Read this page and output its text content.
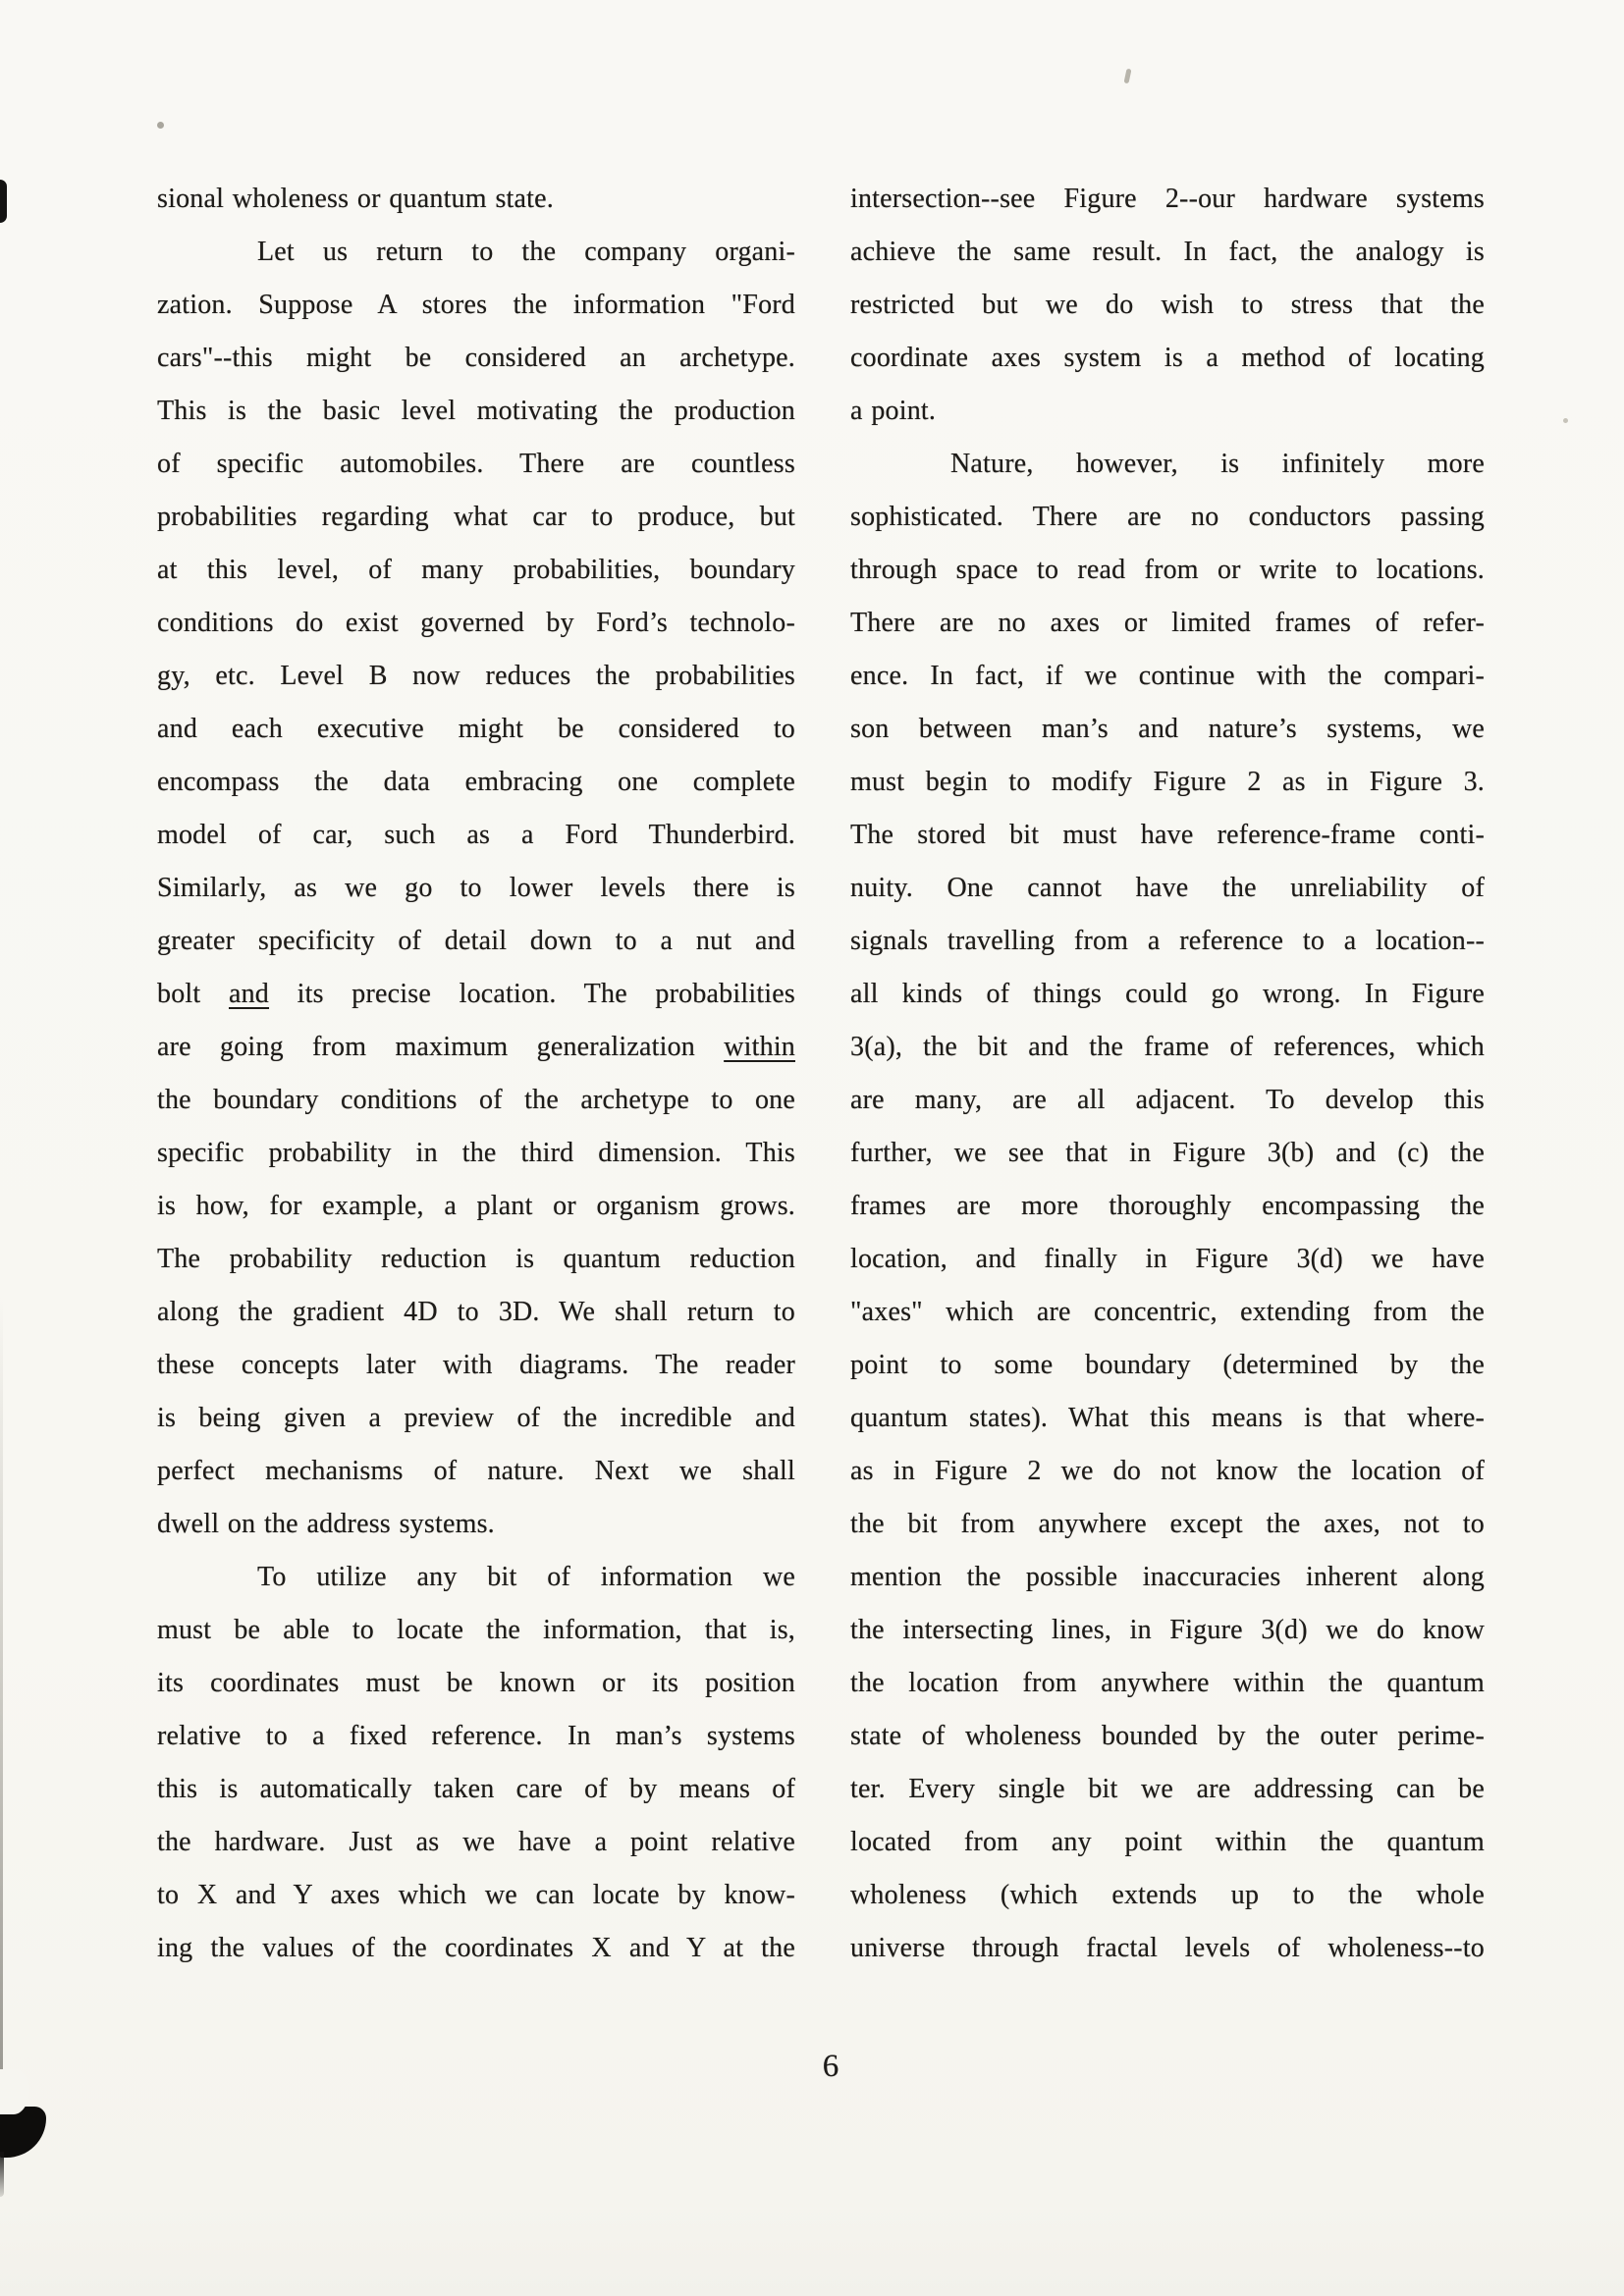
sional wholeness or quantum state.
Let us return to the company organi-
zation. Suppose A stores the information "Ford
cars"--this might be considered an archetype.
This is the basic level motivating the production
of specific automobiles. There are countless
probabilities regarding what car to produce, but
at this level, of many probabilities, boundary
conditions do exist governed by Ford’s technolo-
gy, etc. Level B now reduces the probabilities
and each executive might be considered to
encompass the data embracing one complete
model of car, such as a Ford Thunderbird.
Similarly, as we go to lower levels there is
greater specificity of detail down to a nut and
bolt and its precise location. The probabilities
are going from maximum generalization within
the boundary conditions of the archetype to one
specific probability in the third dimension. This
is how, for example, a plant or organism grows.
The probability reduction is quantum reduction
along the gradient 4D to 3D. We shall return to
these concepts later with diagrams. The reader
is being given a preview of the incredible and
perfect mechanisms of nature. Next we shall
dwell on the address systems.
To utilize any bit of information we
must be able to locate the information, that is,
its coordinates must be known or its position
relative to a fixed reference. In man’s systems
this is automatically taken care of by means of
the hardware. Just as we have a point relative
to X and Y axes which we can locate by know-
ing the values of the coordinates X and Y at the
intersection--see Figure 2--our hardware systems
achieve the same result. In fact, the analogy is
restricted but we do wish to stress that the
coordinate axes system is a method of locating
a point.
Nature, however, is infinitely more
sophisticated. There are no conductors passing
through space to read from or write to locations.
There are no axes or limited frames of refer-
ence. In fact, if we continue with the compari-
son between man’s and nature’s systems, we
must begin to modify Figure 2 as in Figure 3.
The stored bit must have reference-frame conti-
nuity. One cannot have the unreliability of
signals travelling from a reference to a location--
all kinds of things could go wrong. In Figure
3(a), the bit and the frame of references, which
are many, are all adjacent. To develop this
further, we see that in Figure 3(b) and (c) the
frames are more thoroughly encompassing the
location, and finally in Figure 3(d) we have
"axes" which are concentric, extending from the
point to some boundary (determined by the
quantum states). What this means is that where-
as in Figure 2 we do not know the location of
the bit from anywhere except the axes, not to
mention the possible inaccuracies inherent along
the intersecting lines, in Figure 3(d) we do know
the location from anywhere within the quantum
state of wholeness bounded by the outer perime-
ter. Every single bit we are addressing can be
located from any point within the quantum
wholeness (which extends up to the whole
universe through fractal levels of wholeness--to
6
